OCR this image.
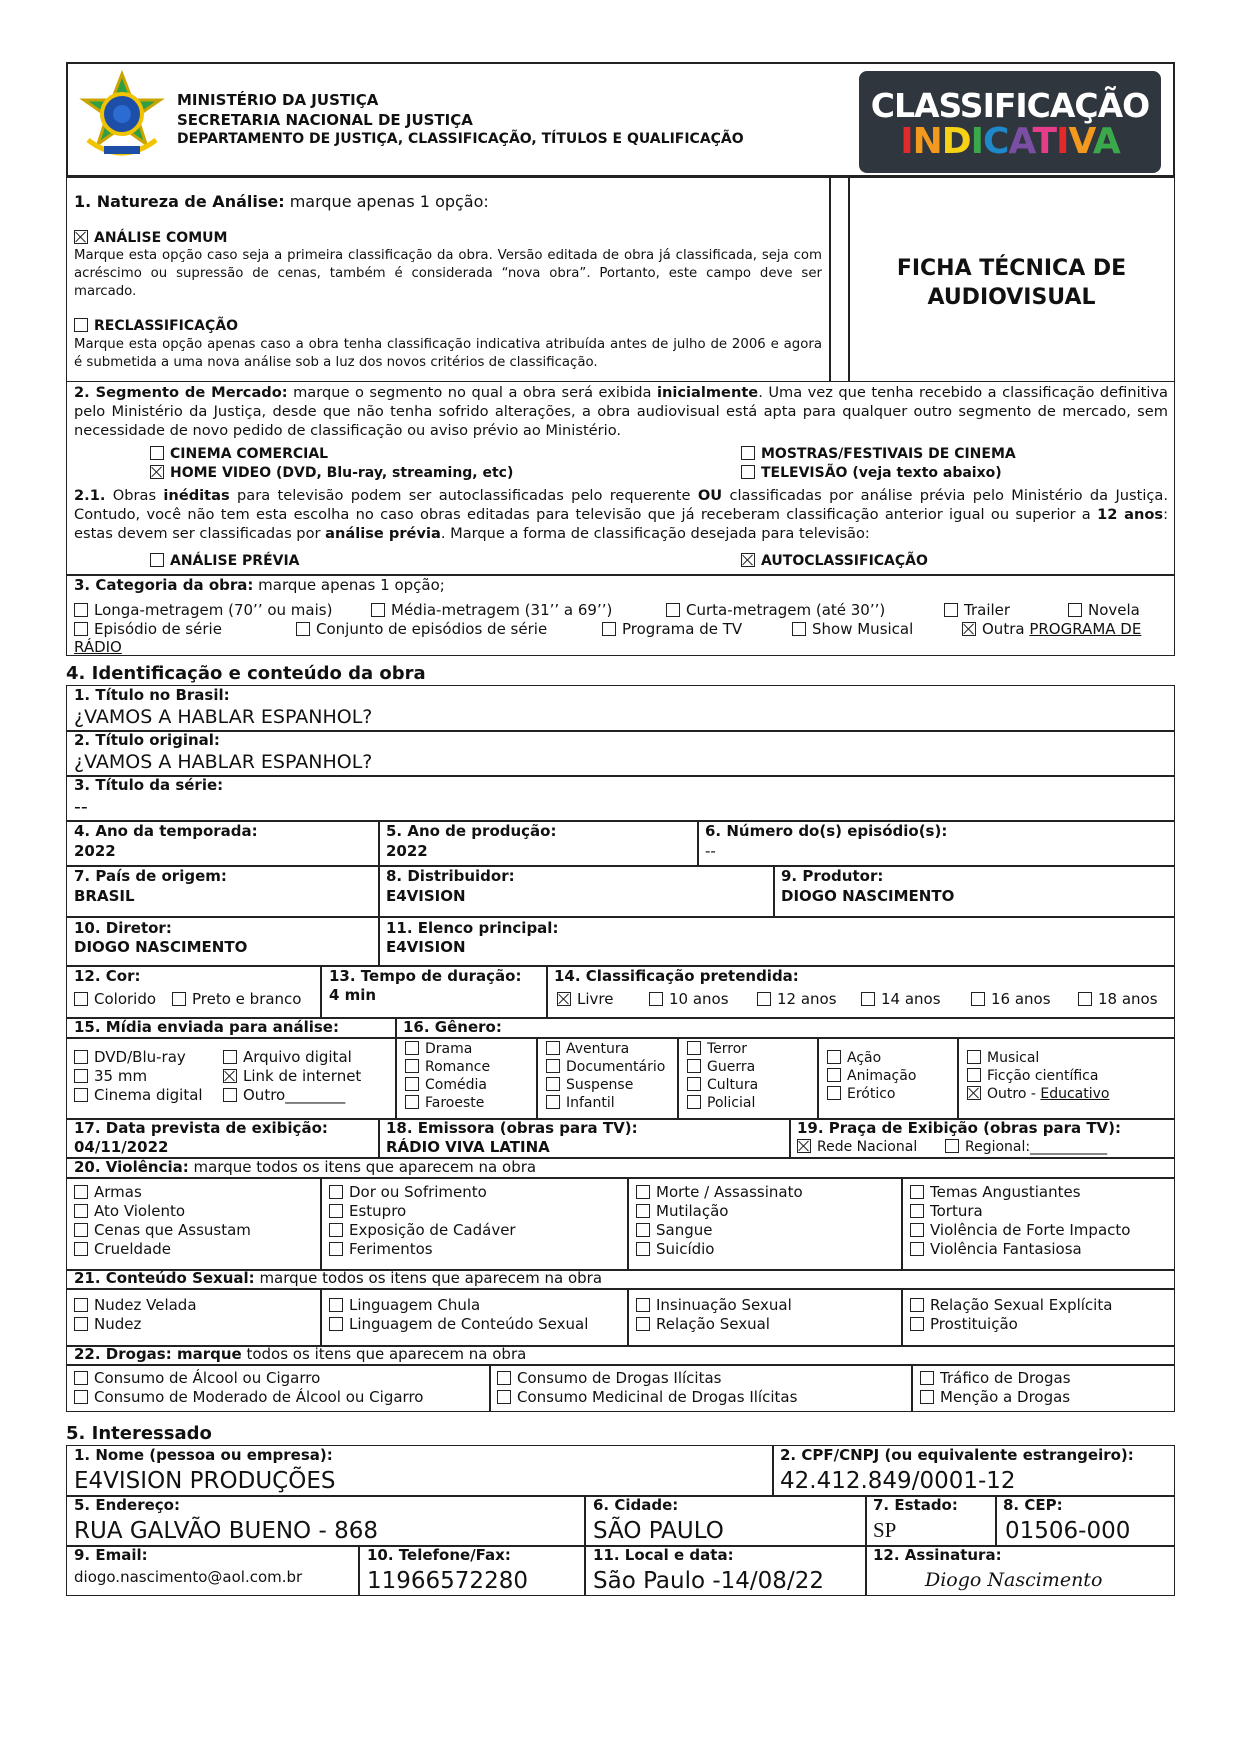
MINISTÉRIO DA JUSTIÇA
SECRETARIA NACIONAL DE JUSTIÇA
DEPARTAMENTO DE JUSTIÇA, CLASSIFICAÇÃO, TÍTULOS E QUALIFICAÇÃO
CLASSIFICAÇÃO
INDICATIVA
1. Natureza de Análise: marque apenas 1 opção:
ANÁLISE COMUM
Marque esta opção caso seja a primeira classificação da obra. Versão editada de obra já classificada, seja com acréscimo ou supressão de cenas, também é considerada “nova obra”. Portanto, este campo deve ser marcado.
RECLASSIFICAÇÃO
Marque esta opção apenas caso a obra tenha classificação indicativa atribuída antes de julho de 2006 e agora é submetida a uma nova análise sob a luz dos novos critérios de classificação.
FICHA TÉCNICA DE
AUDIOVISUAL
2. Segmento de Mercado: marque o segmento no qual a obra será exibida inicialmente. Uma vez que tenha recebido a classificação definitiva pelo Ministério da Justiça, desde que não tenha sofrido alterações, a obra audiovisual está apta para qualquer outro segmento de mercado, sem necessidade de novo pedido de classificação ou aviso prévio ao Ministério.
CINEMA COMERCIAL
HOME VIDEO (DVD, Blu-ray, streaming, etc)
MOSTRAS/FESTIVAIS DE CINEMA
TELEVISÃO (veja texto abaixo)
2.1. Obras inéditas para televisão podem ser autoclassificadas pelo requerente OU classificadas por análise prévia pelo Ministério da Justiça. Contudo, você não tem esta escolha no caso obras editadas para televisão que já receberam classificação anterior igual ou superior a 12 anos: estas devem ser classificadas por análise prévia. Marque a forma de classificação desejada para televisão:
ANÁLISE PRÉVIA	AUTOCLASSIFICAÇÃO
3. Categoria da obra: marque apenas 1 opção;
Longa-metragem (70’’ ou mais)	Média-metragem (31’’ a 69’’)	Curta-metragem (até 30’’)	Trailer	Novela
Episódio de série	Conjunto de episódios de série	Programa de TV	Show Musical	Outra PROGRAMA DE
RÁDIO
4. Identificação e conteúdo da obra
1. Título no Brasil:
¿VAMOS A HABLAR ESPANHOL?
2. Título original:
¿VAMOS A HABLAR ESPANHOL?
3. Título da série:
--
4. Ano da temporada:
2022
5. Ano de produção:
2022
6. Número do(s) episódio(s):
--
7. País de origem:
BRASIL
8. Distribuidor:
E4VISION
9. Produtor:
DIOGO NASCIMENTO
10. Diretor:
DIOGO NASCIMENTO
11. Elenco principal:
E4VISION
12. Cor:
Colorido	Preto e branco
13. Tempo de duração:
4 min
14. Classificação pretendida:
Livre	10 anos	12 anos	14 anos	16 anos	18 anos
15. Mídia enviada para análise:	16. Gênero:
DVD/Blu-ray
35 mm
Cinema digital
Arquivo digital
Link de internet
Outro________
Drama
Romance
Comédia
Faroeste
Aventura
Documentário
Suspense
Infantil
Terror
Guerra
Cultura
Policial
Ação
Animação
Erótico
Musical
Ficção científica
Outro - Educativo
17. Data prevista de exibição:
04/11/2022
18. Emissora (obras para TV):
RÁDIO VIVA LATINA
19. Praça de Exibição (obras para TV):
Rede Nacional	Regional:___________
20. Violência: marque todos os itens que aparecem na obra
Armas
Ato Violento
Cenas que Assustam
Crueldade
Dor ou Sofrimento
Estupro
Exposição de Cadáver
Ferimentos
Morte / Assassinato
Mutilação
Sangue
Suicídio
Temas Angustiantes
Tortura
Violência de Forte Impacto
Violência Fantasiosa
21. Conteúdo Sexual: marque todos os itens que aparecem na obra
Nudez Velada
Nudez
Linguagem Chula
Linguagem de Conteúdo Sexual
Insinuação Sexual
Relação Sexual
Relação Sexual Explícita
Prostituição
22. Drogas: marque todos os itens que aparecem na obra
Consumo de Álcool ou Cigarro
Consumo de Moderado de Álcool ou Cigarro
Consumo de Drogas Ilícitas
Consumo Medicinal de Drogas Ilícitas
Tráfico de Drogas
Menção a Drogas
5. Interessado
1. Nome (pessoa ou empresa):
E4VISION PRODUÇÕES
2. CPF/CNPJ (ou equivalente estrangeiro):
42.412.849/0001-12
5. Endereço:
RUA GALVÃO BUENO - 868
6. Cidade:
SÃO PAULO
7. Estado:
SP
8. CEP:
01506-000
9. Email:
diogo.nascimento@aol.com.br
10. Telefone/Fax:
11966572280
11. Local e data:
São Paulo -14/08/22
12. Assinatura:
Diogo Nascimento
